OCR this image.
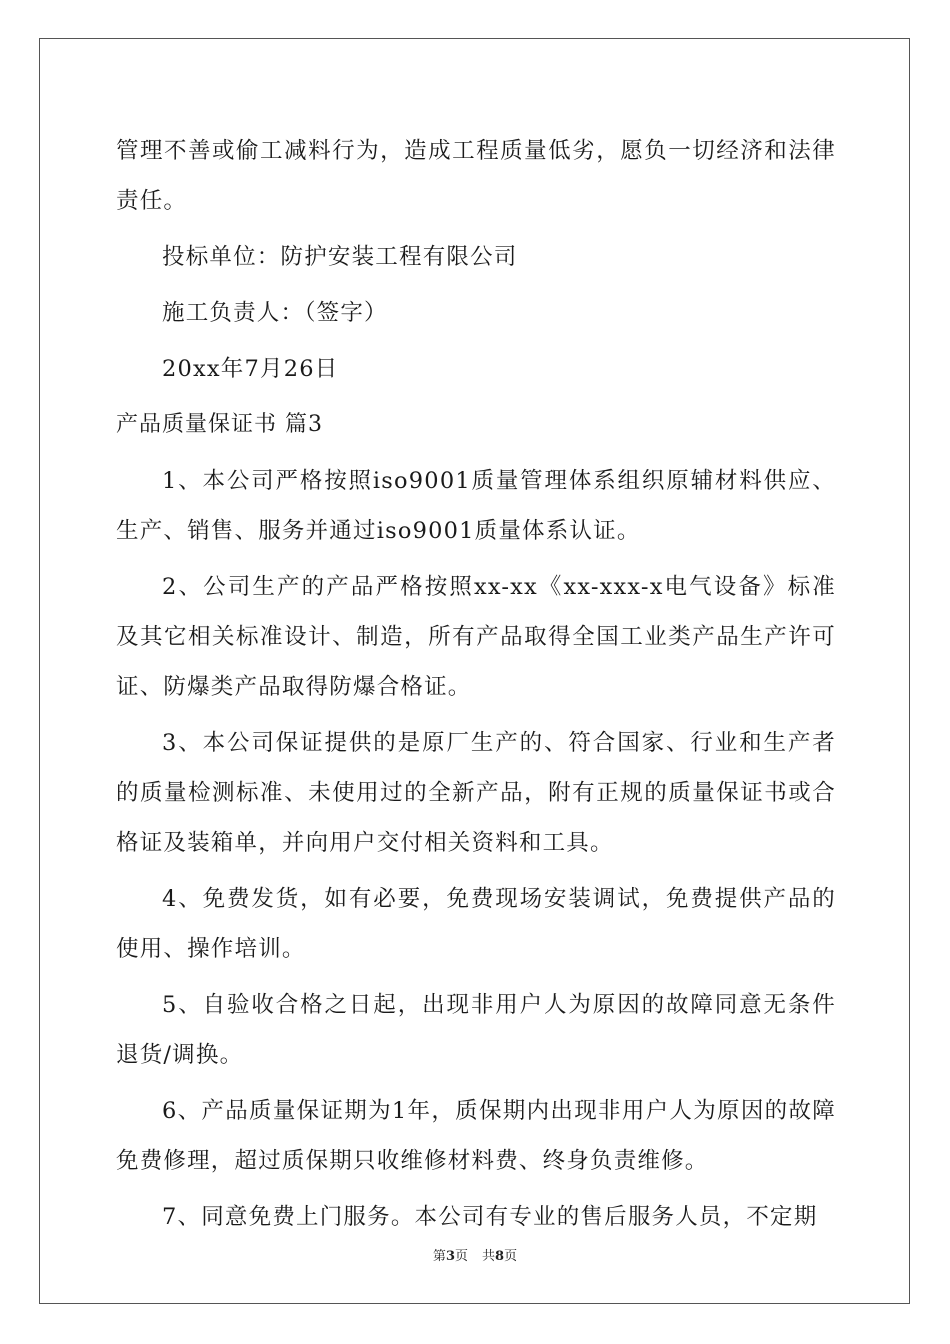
管理不善或偷工减料行为，造成工程质量低劣，愿负一切经济和法律责任。

投标单位：防护安装工程有限公司

施工负责人：（签字）

20xx年7月26日

产品质量保证书 篇3

1、本公司严格按照iso9001质量管理体系组织原辅材料供应、生产、销售、服务并通过iso9001质量体系认证。

2、公司生产的产品严格按照xx-xx《xx-xxx-x电气设备》标准及其它相关标准设计、制造，所有产品取得全国工业类产品生产许可证、防爆类产品取得防爆合格证。

3、本公司保证提供的是原厂生产的、符合国家、行业和生产者的质量检测标准、未使用过的全新产品，附有正规的质量保证书或合格证及装箱单，并向用户交付相关资料和工具。

4、免费发货，如有必要，免费现场安装调试，免费提供产品的使用、操作培训。

5、自验收合格之日起，出现非用户人为原因的故障同意无条件退货/调换。

6、产品质量保证期为1年，质保期内出现非用户人为原因的故障免费修理，超过质保期只收维修材料费、终身负责维修。

7、同意免费上门服务。本公司有专业的售后服务人员，不定期

第3页 共8页
